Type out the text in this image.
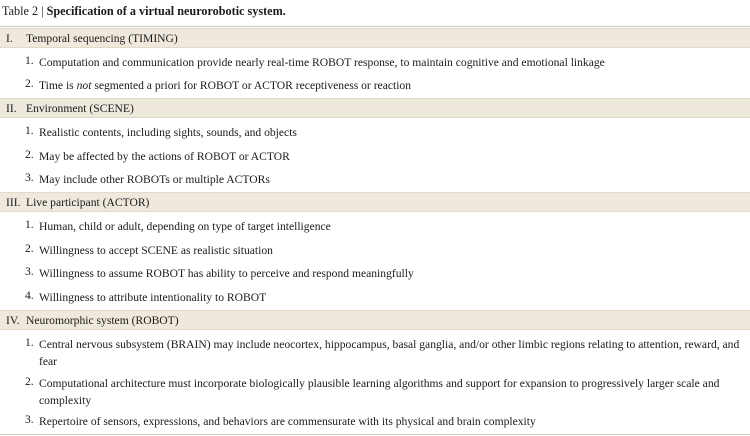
Table 2 | Specification of a virtual neurorobotic system.
I. Temporal sequencing (TIMING)
1. Computation and communication provide nearly real-time ROBOT response, to maintain cognitive and emotional linkage
2. Time is not segmented a priori for ROBOT or ACTOR receptiveness or reaction
II. Environment (SCENE)
1. Realistic contents, including sights, sounds, and objects
2. May be affected by the actions of ROBOT or ACTOR
3. May include other ROBOTs or multiple ACTORs
III. Live participant (ACTOR)
1. Human, child or adult, depending on type of target intelligence
2. Willingness to accept SCENE as realistic situation
3. Willingness to assume ROBOT has ability to perceive and respond meaningfully
4. Willingness to attribute intentionality to ROBOT
IV. Neuromorphic system (ROBOT)
1. Central nervous subsystem (BRAIN) may include neocortex, hippocampus, basal ganglia, and/or other limbic regions relating to attention, reward, and fear
2. Computational architecture must incorporate biologically plausible learning algorithms and support for expansion to progressively larger scale and complexity
3. Repertoire of sensors, expressions, and behaviors are commensurate with its physical and brain complexity
